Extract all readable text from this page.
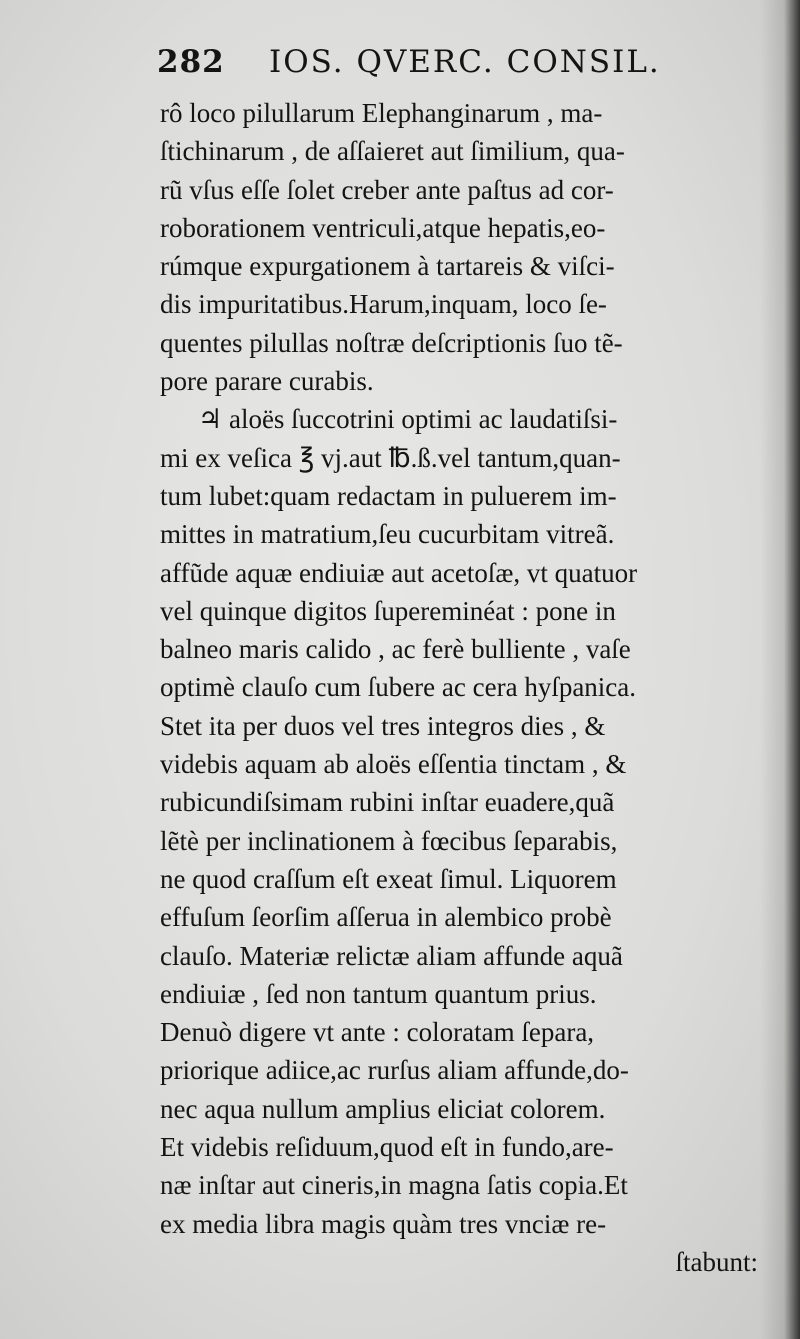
282 IOS. QVERC. CONSIL.
rô loco pilullarum Elephanginarum , ma-
ſtichinarum , de aſſaieret aut ſimilium, qua-
rũ vſus eſſe ſolet creber ante paſtus ad cor-
roborationem ventriculi,atque hepatis,eo-
rúmque expurgationem à tartareis & viſci-
dis impuritatibus.Harum,inquam, loco ſe-
quentes pilullas noſtræ deſcriptionis ſuo tẽ-
pore parare curabis.
♃ aloës ſuccotrini optimi ac laudatiſsi-
mi ex veſica ℥ vj.aut ℔.ß.vel tantum,quan-
tum lubet:quam redactam in puluerem im-
mittes in matratium,ſeu cucurbitam vitreã.
affũde aquæ endiuiæ aut acetoſæ, vt quatuor
vel quinque digitos ſupereminéat : pone in
balneo maris calido , ac ferè bulliente , vaſe
optimè clauſo cum ſubere ac cera hyſpanica.
Stet ita per duos vel tres integros dies , &
videbis aquam ab aloës eſſentia tinctam , &
rubicundiſsimam rubini inſtar euadere,quã
lẽtè per inclinationem à fœcibus ſeparabis,
ne quod craſſum eſt exeat ſimul. Liquorem
effuſum ſeorſim aſſerua in alembico probè
clauſo. Materiæ relictæ aliam affunde aquã
endiuiæ , ſed non tantum quantum prius.
Denuò digere vt ante : coloratam ſepara,
priorique adiice,ac rurſus aliam affunde,do-
nec aqua nullum amplius eliciat colorem.
Et videbis reſiduum,quod eſt in fundo,are-
næ inſtar aut cineris,in magna ſatis copia.Et
ex media libra magis quàm tres vnciæ re-
ſtabunt:
